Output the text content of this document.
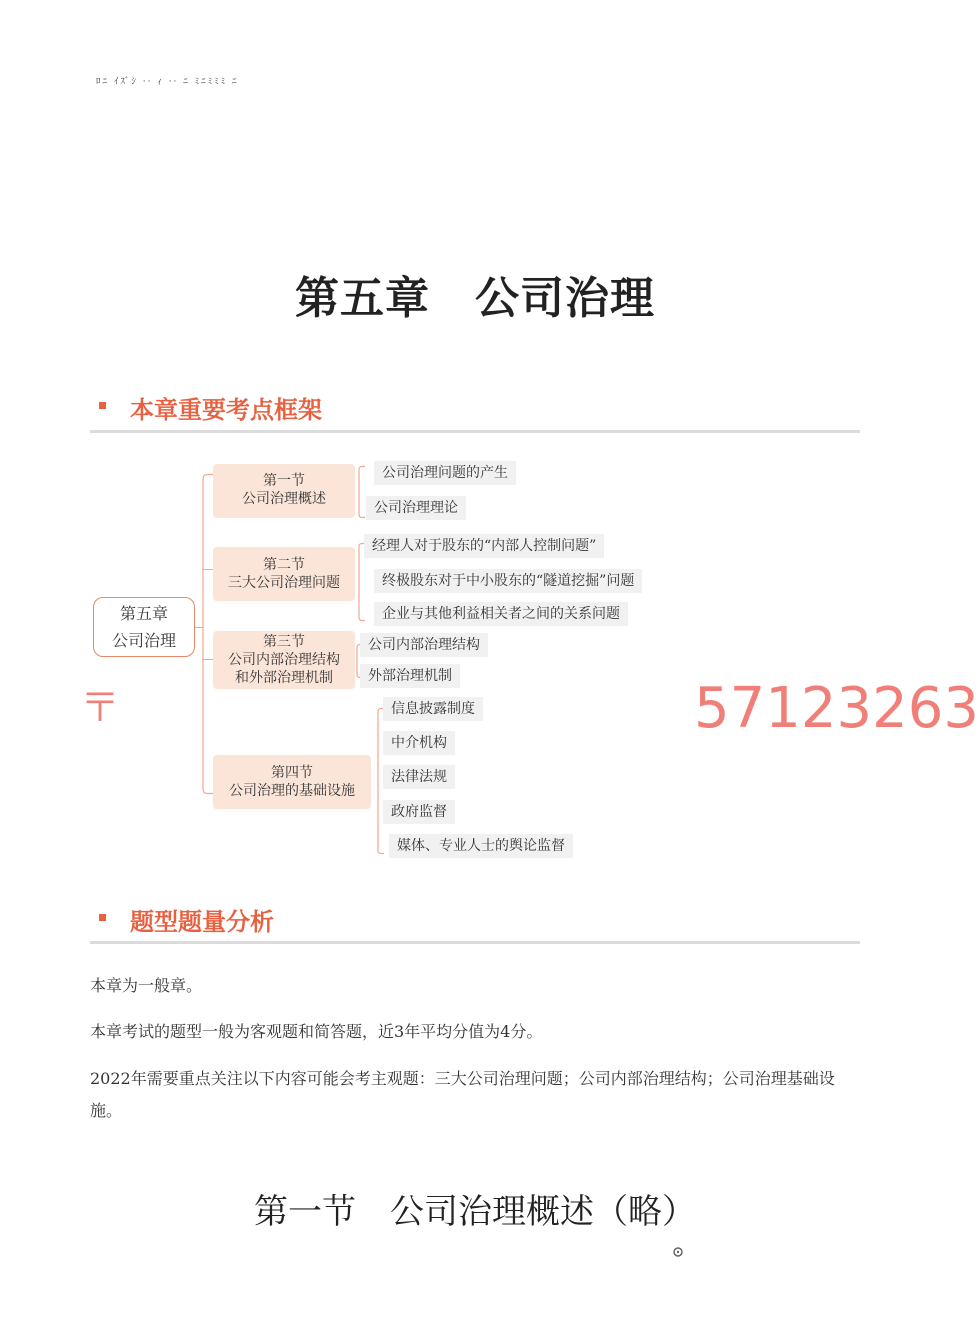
ﾛﾆ ｲｽﾞｼ ·· ｨ ·· ﾆ ﾐﾆﾐﾐﾐ ﾆ
第五章　公司治理
本章重要考点框架
第五章
公司治理
第一节
公司治理概述
公司治理问题的产生
公司治理理论
第二节
三大公司治理问题
经理人对于股东的“内部人控制问题”
终极股东对于中小股东的“隧道挖掘”问题
企业与其他利益相关者之间的关系问题
第三节
公司内部治理结构
和外部治理机制
公司内部治理结构
外部治理机制
第四节
公司治理的基础设施
信息披露制度
中介机构
法律法规
政府监督
媒体、专业人士的舆论监督
〒	57123263
题型题量分析
本章为一般章。
本章考试的题型一般为客观题和简答题，近3年平均分值为4分。
2022年需要重点关注以下内容可能会考主观题：三大公司治理问题；公司内部治理结构；公司治理基础设施。
第一节　公司治理概述（略）
